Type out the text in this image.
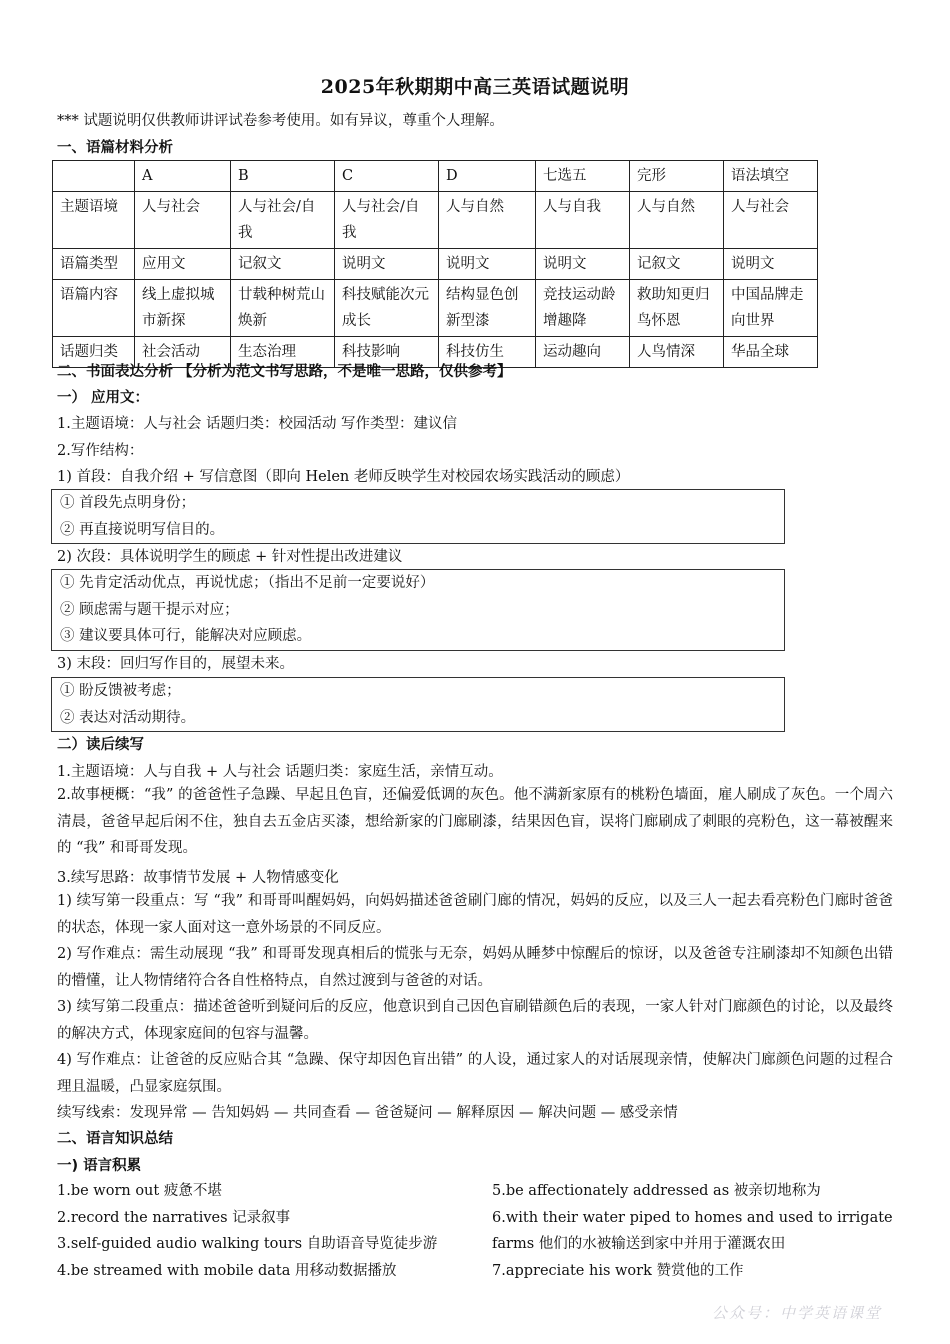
2025年秋期期中高三英语试题说明
*** 试题说明仅供教师讲评试卷参考使用。如有异议，尊重个人理解。
一、语篇材料分析
	A	B	C	D	七选五	完形	语法填空
主题语境	人与社会	人与社会/自我	人与社会/自我	人与自然	人与自我	人与自然	人与社会
语篇类型	应用文	记叙文	说明文	说明文	说明文	记叙文	说明文
语篇内容	线上虚拟城市新探	廿载种树荒山焕新	科技赋能次元成长	结构显色创新型漆	竞技运动龄增趣降	救助知更归鸟怀恩	中国品牌走向世界
话题归类	社会活动	生态治理	科技影响	科技仿生	运动趣向	人鸟情深	华品全球
二、书面表达分析 【分析为范文书写思路，不是唯一思路，仅供参考】
一） 应用文：
1.主题语境：人与社会 话题归类：校园活动 写作类型：建议信
2.写作结构：
1) 首段：自我介绍 + 写信意图（即向 Helen 老师反映学生对校园农场实践活动的顾虑）
① 首段先点明身份；
② 再直接说明写信目的。
2) 次段：具体说明学生的顾虑 + 针对性提出改进建议
① 先肯定活动优点，再说忧虑；（指出不足前一定要说好）
② 顾虑需与题干提示对应；
③ 建议要具体可行，能解决对应顾虑。
3) 末段：回归写作目的，展望未来。
① 盼反馈被考虑；
② 表达对活动期待。
二）读后续写
1.主题语境：人与自我 + 人与社会 话题归类：家庭生活，亲情互动。
2.故事梗概：“我” 的爸爸性子急躁、早起且色盲，还偏爱低调的灰色。他不满新家原有的桃粉色墙面，雇人刷成了灰色。一个周六清晨，爸爸早起后闲不住，独自去五金店买漆，想给新家的门廊刷漆，结果因色盲，误将门廊刷成了刺眼的亮粉色，这一幕被醒来的 “我” 和哥哥发现。
3.续写思路：故事情节发展 + 人物情感变化
1) 续写第一段重点：写 “我” 和哥哥叫醒妈妈，向妈妈描述爸爸刷门廊的情况，妈妈的反应，以及三人一起去看亮粉色门廊时爸爸的状态，体现一家人面对这一意外场景的不同反应。
2) 写作难点：需生动展现 “我” 和哥哥发现真相后的慌张与无奈，妈妈从睡梦中惊醒后的惊讶，以及爸爸专注刷漆却不知颜色出错的懵懂，让人物情绪符合各自性格特点，自然过渡到与爸爸的对话。
3) 续写第二段重点：描述爸爸听到疑问后的反应，他意识到自己因色盲刷错颜色后的表现，一家人针对门廊颜色的讨论，以及最终的解决方式，体现家庭间的包容与温馨。
4) 写作难点：让爸爸的反应贴合其 “急躁、保守却因色盲出错” 的人设，通过家人的对话展现亲情，使解决门廊颜色问题的过程合理且温暖，凸显家庭氛围。
续写线索：发现异常 — 告知妈妈 — 共同查看 — 爸爸疑问 — 解释原因 — 解决问题 — 感受亲情
二、语言知识总结
一) 语言积累
1.be worn out 疲惫不堪
2.record the narratives 记录叙事
3.self-guided audio walking tours 自助语音导览徒步游
4.be streamed with mobile data 用移动数据播放
5.be affectionately addressed as 被亲切地称为
6.with their water piped to homes and used to irrigate
farms 他们的水被输送到家中并用于灌溉农田
7.appreciate his work 赞赏他的工作
公众号：中学英语课堂
